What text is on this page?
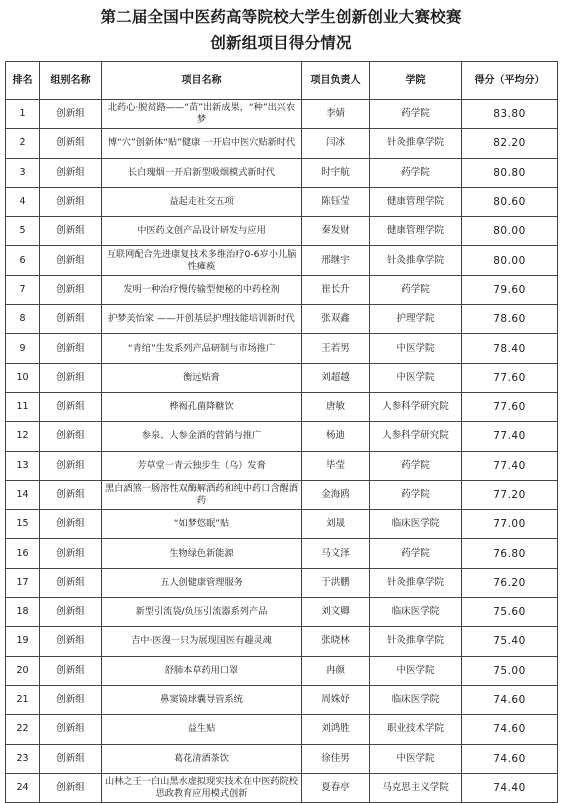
第二届全国中医药高等院校大学生创新创业大赛校赛
创新组项目得分情况
排名	组别名称	项目名称	项目负责人	学院	得分（平均分）
1	创新组	北药心·脱贫路——“苗”出新成果，“种”出兴农梦	李婧	药学院	83.80
2	创新组	博“穴”创新体“贴”健康 一开启中医穴贴新时代	闫冰	针灸推拿学院	82.20
3	创新组	长白瑰烟一开启新型吸烟模式新时代	时宇航	药学院	80.80
4	创新组	益起走社交五项	陈钰莹	健康管理学院	80.60
5	创新组	中医药文创产品设计研发与应用	秦发财	健康管理学院	80.00
6	创新组	互联网配合先进康复技术多维治疗0-6岁小儿脑性瘫痪	邢继宇	针灸推拿学院	80.00
7	创新组	发明一种治疗慢传输型便秘的中药栓剂	崔长升	药学院	79.60
8	创新组	护梦美怡家 ——开创基层护理技能培训新时代	张双鑫	护理学院	78.60
9	创新组	“青绾”生发系列产品研制与市场推广	王若男	中医学院	78.40
10	创新组	衡远贴膏	刘超越	中医学院	77.60
11	创新组	桦褐孔菌降糖饮	唐敏	人参科学研究院	77.60
12	创新组	参泉、人参金酒的营销与推广	杨迪	人参科学研究院	77.40
13	创新组	芳草堂一青云独步生（乌）发膏	毕莹	药学院	77.40
14	创新组	黑白酒煞一肠溶性双酶解酒药和纯中药口含醒酒药	金海鸥	药学院	77.20
15	创新组	“如梦悠眠”贴	刘晟	临床医学院	77.00
16	创新组	生物绿色新能源	马文泽	药学院	76.80
17	创新组	五人创健康管理服务	于洪鹏	针灸推拿学院	76.20
18	创新组	新型引流袋/负压引流器系列产品	刘文卿	临床医学院	75.60
19	创新组	吉中·医漫一只为展现国医有趣灵魂	张晓林	针灸推拿学院	75.40
20	创新组	舒肺本草药用口罩	冉颜	中医学院	75.00
21	创新组	鼻窦镜球囊导管系统	周姝妤	临床医学院	74.60
22	创新组	益生贴	刘鸿胜	职业技术学院	74.60
23	创新组	葛花清酒茶饮	徐佳男	中医学院	74.60
24	创新组	山林之王一白山黑水虚拟现实技术在中医药院校思政教育应用模式创新	夏春亭	马克思主义学院	74.40
